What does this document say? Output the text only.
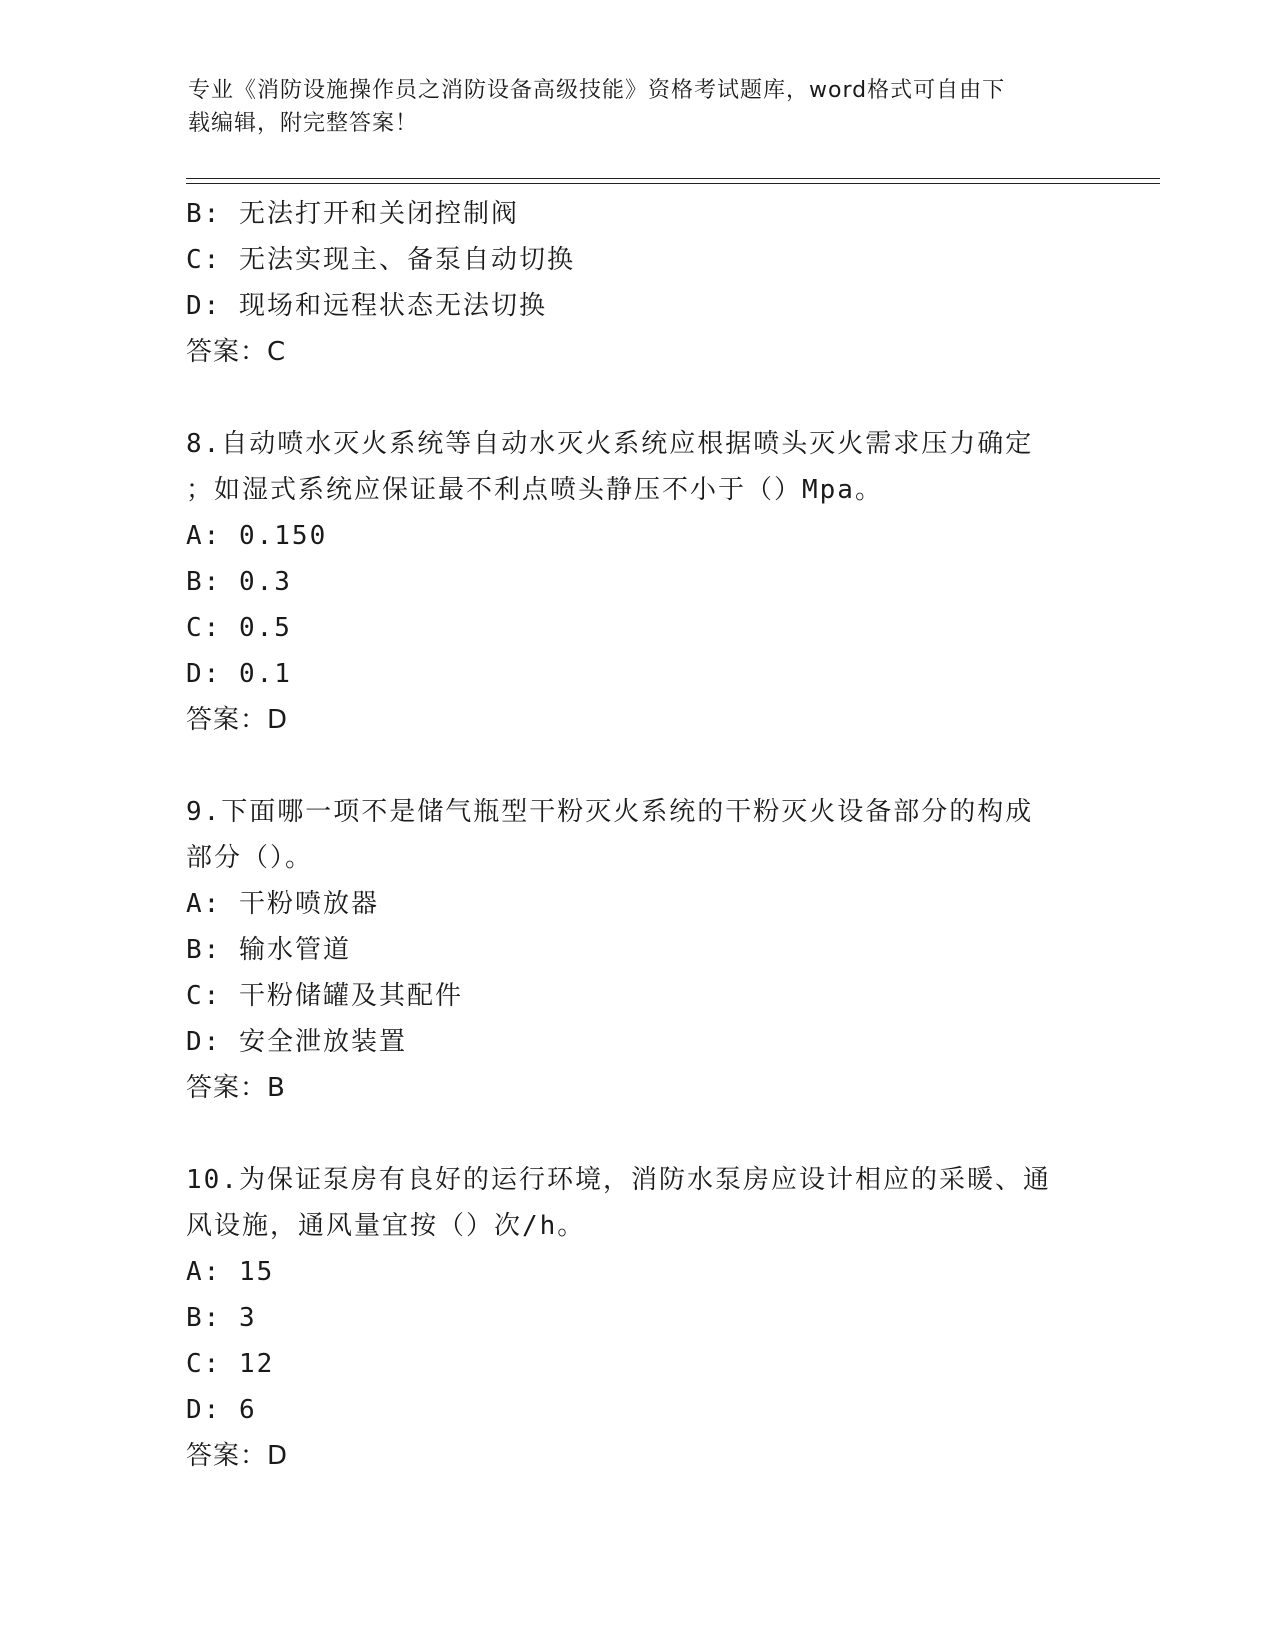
专业《消防设施操作员之消防设备高级技能》资格考试题库，word格式可自由下
载编辑，附完整答案！
B: 无法打开和关闭控制阀
C: 无法实现主、备泵自动切换
D: 现场和远程状态无法切换
答案：C
8.自动喷水灭火系统等自动水灭火系统应根据喷头灭火需求压力确定
；如湿式系统应保证最不利点喷头静压不小于（）Mpa。
A: 0.150
B: 0.3
C: 0.5
D: 0.1
答案：D
9.下面哪一项不是储气瓶型干粉灭火系统的干粉灭火设备部分的构成
部分（）。
A: 干粉喷放器
B: 输水管道
C: 干粉储罐及其配件
D: 安全泄放装置
答案：B
10.为保证泵房有良好的运行环境，消防水泵房应设计相应的采暖、通
风设施，通风量宜按（）次/h。
A: 15
B: 3
C: 12
D: 6
答案：D
